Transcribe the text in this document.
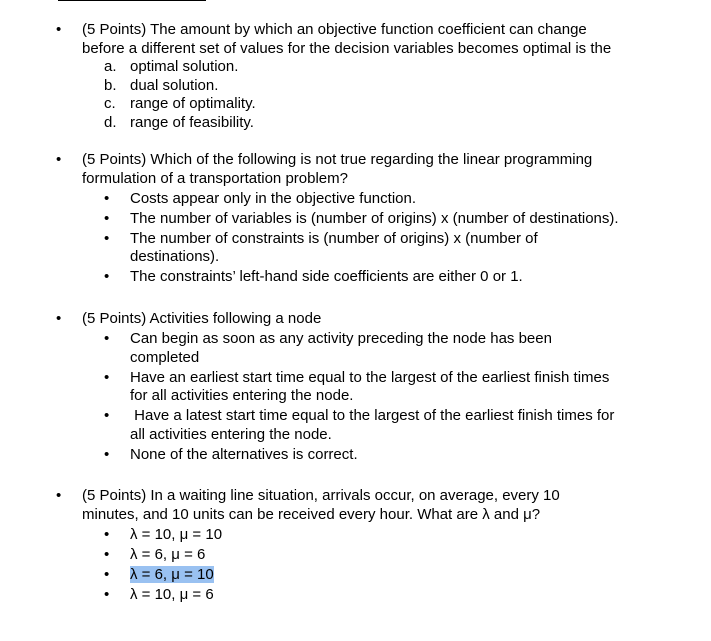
•
(5 Points) The amount by which an objective function coefficient can change
before a different set of values for the decision variables becomes optimal is the
a. optimal solution.
b. dual solution.
c. range of optimality.
d. range of feasibility.
•
(5 Points) Which of the following is not true regarding the linear programming
formulation of a transportation problem?
•
Costs appear only in the objective function.
•
The number of variables is (number of origins) x (number of destinations).
•
The number of constraints is (number of origins) x (number of
destinations).
•
The constraints’ left-hand side coefficients are either 0 or 1.
•
(5 Points) Activities following a node
•
Can begin as soon as any activity preceding the node has been
completed
•
Have an earliest start time equal to the largest of the earliest finish times
for all activities entering the node.
•
Have a latest start time equal to the largest of the earliest finish times for
all activities entering the node.
•
None of the alternatives is correct.
•
(5 Points) In a waiting line situation, arrivals occur, on average, every 10
minutes, and 10 units can be received every hour. What are λ and μ?
•
λ = 10, μ = 10
•
λ = 6, μ = 6
•
λ = 6, μ = 10
•
λ = 10, μ = 6
